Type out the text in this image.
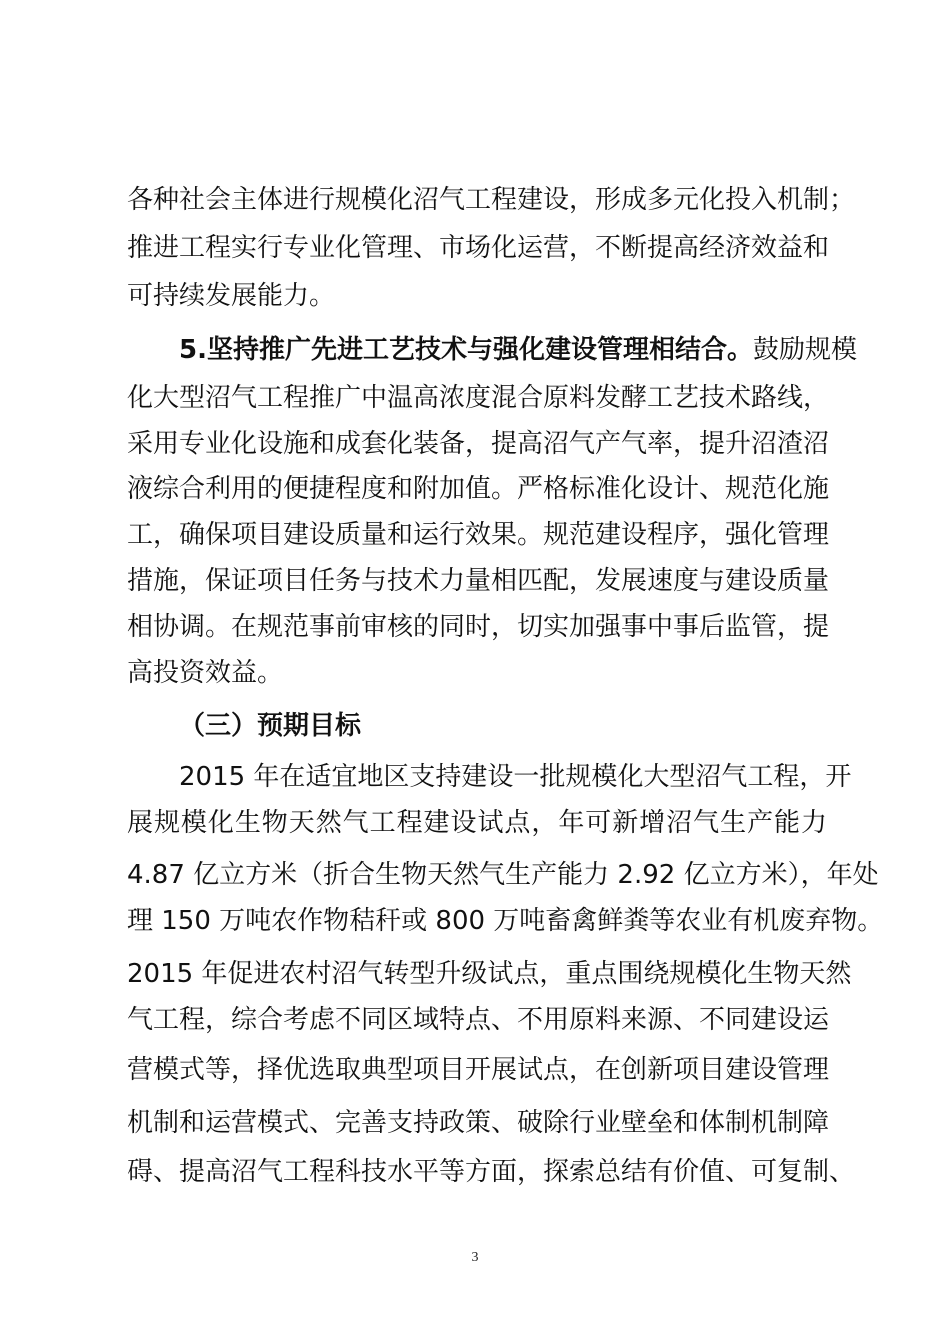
各种社会主体进行规模化沼气工程建设，形成多元化投入机制；
推进工程实行专业化管理、市场化运营，不断提高经济效益和
可持续发展能力。
5.坚持推广先进工艺技术与强化建设管理相结合。鼓励规模
化大型沼气工程推广中温高浓度混合原料发酵工艺技术路线，
采用专业化设施和成套化装备，提高沼气产气率，提升沼渣沼
液综合利用的便捷程度和附加值。严格标准化设计、规范化施
工，确保项目建设质量和运行效果。规范建设程序，强化管理
措施，保证项目任务与技术力量相匹配，发展速度与建设质量
相协调。在规范事前审核的同时，切实加强事中事后监管，提
高投资效益。
（三）预期目标
2015 年在适宜地区支持建设一批规模化大型沼气工程，开
展规模化生物天然气工程建设试点，年可新增沼气生产能力
4.87 亿立方米（折合生物天然气生产能力 2.92 亿立方米），年处
理 150 万吨农作物秸秆或 800 万吨畜禽鲜粪等农业有机废弃物。
2015 年促进农村沼气转型升级试点，重点围绕规模化生物天然
气工程，综合考虑不同区域特点、不用原料来源、不同建设运
营模式等，择优选取典型项目开展试点，在创新项目建设管理
机制和运营模式、完善支持政策、破除行业壁垒和体制机制障
碍、提高沼气工程科技水平等方面，探索总结有价值、可复制、
3
